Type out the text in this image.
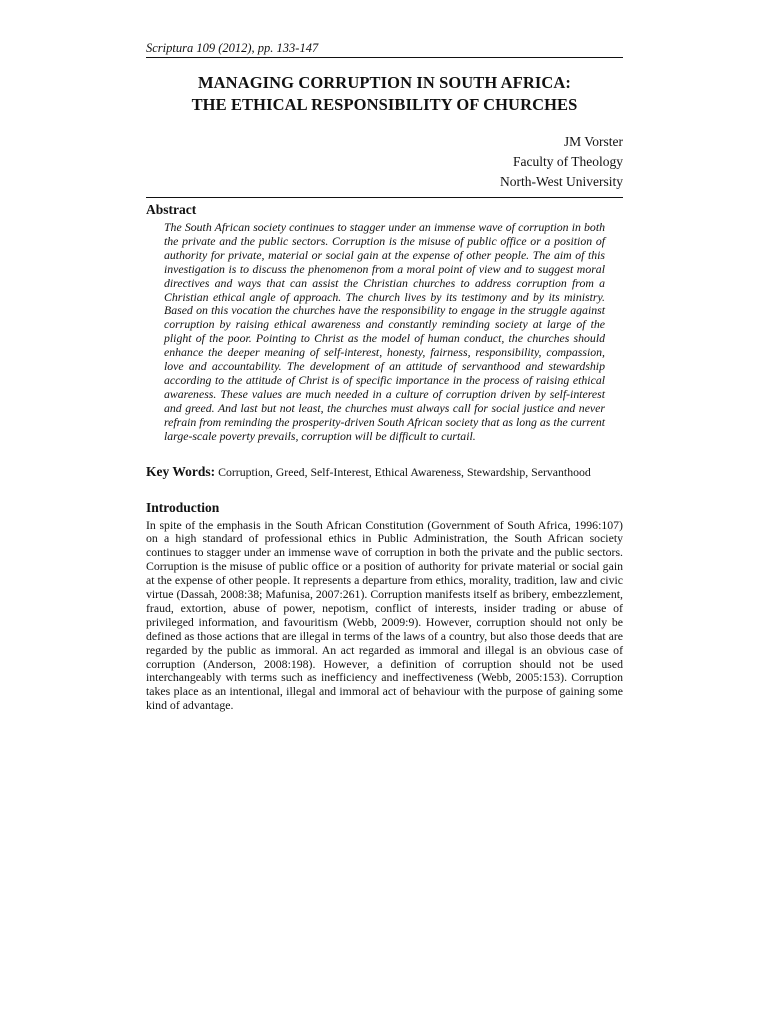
Scriptura 109 (2012), pp. 133-147
MANAGING CORRUPTION IN SOUTH AFRICA:
THE ETHICAL RESPONSIBILITY OF CHURCHES
JM Vorster
Faculty of Theology
North-West University
Abstract
The South African society continues to stagger under an immense wave of corruption in both the private and the public sectors. Corruption is the misuse of public office or a position of authority for private, material or social gain at the expense of other people. The aim of this investigation is to discuss the phenomenon from a moral point of view and to suggest moral directives and ways that can assist the Christian churches to address corruption from a Christian ethical angle of approach. The church lives by its testimony and by its ministry. Based on this vocation the churches have the responsibility to engage in the struggle against corruption by raising ethical awareness and constantly reminding society at large of the plight of the poor. Pointing to Christ as the model of human conduct, the churches should enhance the deeper meaning of self-interest, honesty, fairness, responsibility, compassion, love and accountability. The development of an attitude of servanthood and stewardship according to the attitude of Christ is of specific importance in the process of raising ethical awareness. These values are much needed in a culture of corruption driven by self-interest and greed. And last but not least, the churches must always call for social justice and never refrain from reminding the prosperity-driven South African society that as long as the current large-scale poverty prevails, corruption will be difficult to curtail.
Key Words: Corruption, Greed, Self-Interest, Ethical Awareness, Stewardship, Servanthood
Introduction
In spite of the emphasis in the South African Constitution (Government of South Africa, 1996:107) on a high standard of professional ethics in Public Administration, the South African society continues to stagger under an immense wave of corruption in both the private and the public sectors. Corruption is the misuse of public office or a position of authority for private material or social gain at the expense of other people. It represents a departure from ethics, morality, tradition, law and civic virtue (Dassah, 2008:38; Mafunisa, 2007:261). Corruption manifests itself as bribery, embezzlement, fraud, extortion, abuse of power, nepotism, conflict of interests, insider trading or abuse of privileged information, and favouritism (Webb, 2009:9). However, corruption should not only be defined as those actions that are illegal in terms of the laws of a country, but also those deeds that are regarded by the public as immoral. An act regarded as immoral and illegal is an obvious case of corruption (Anderson, 2008:198). However, a definition of corruption should not be used interchangeably with terms such as inefficiency and ineffectiveness (Webb, 2005:153). Corruption takes place as an intentional, illegal and immoral act of behaviour with the purpose of gaining some kind of advantage.
